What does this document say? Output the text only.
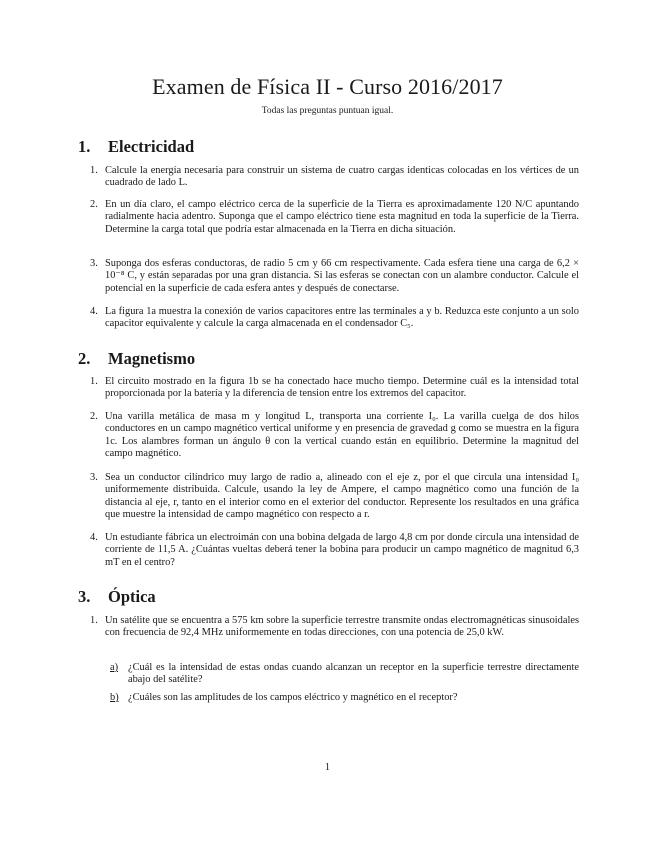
Examen de Física II - Curso 2016/2017
Todas las preguntas puntuan igual.
1. Electricidad
1. Calcule la energía necesaria para construir un sistema de cuatro cargas identicas colocadas en los vértices de un cuadrado de lado L.
2. En un día claro, el campo eléctrico cerca de la superficie de la Tierra es aproximadamente 120 N/C apuntando radialmente hacia adentro. Suponga que el campo eléctrico tiene esta magnitud en toda la superficie de la Tierra. Determine la carga total que podría estar almacenada en la Tierra en dicha situación.
3. Suponga dos esferas conductoras, de radio 5 cm y 66 cm respectivamente. Cada esfera tiene una carga de 6,2 × 10⁻⁸ C, y están separadas por una gran distancia. Si las esferas se conectan con un alambre conductor. Calcule el potencial en la superficie de cada esfera antes y después de conectarse.
4. La figura 1a muestra la conexión de varios capacitores entre las terminales a y b. Reduzca este conjunto a un solo capacitor equivalente y calcule la carga almacenada en el condensador C₅.
2. Magnetismo
1. El circuito mostrado en la figura 1b se ha conectado hace mucho tiempo. Determine cuál es la intensidad total proporcionada por la batería y la diferencia de tension entre los extremos del capacitor.
2. Una varilla metálica de masa m y longitud L, transporta una corriente I₀. La varilla cuelga de dos hilos conductores en un campo magnético vertical uniforme y en presencia de gravedad g como se muestra en la figura 1c. Los alambres forman un ángulo θ con la vertical cuando están en equilibrio. Determine la magnitud del campo magnético.
3. Sea un conductor cilíndrico muy largo de radio a, alineado con el eje z, por el que circula una intensidad I₀ uniformemente distribuida. Calcule, usando la ley de Ampere, el campo magnético como una función de la distancia al eje, r, tanto en el interior como en el exterior del conductor. Represente los resultados en una gráfica que muestre la intensidad de campo magnético con respecto a r.
4. Un estudiante fábrica un electroimán con una bobina delgada de largo 4,8 cm por donde circula una intensidad de corriente de 11,5 A. ¿Cuántas vueltas deberá tener la bobina para producir un campo magnético de magnitud 6,3 mT en el centro?
3. Óptica
1. Un satélite que se encuentra a 575 km sobre la superficie terrestre transmite ondas electromagnéticas sinusoidales con frecuencia de 92,4 MHz uniformemente en todas direcciones, con una potencia de 25,0 kW.
a) ¿Cuál es la intensidad de estas ondas cuando alcanzan un receptor en la superficie terrestre directamente abajo del satélite?
b) ¿Cuáles son las amplitudes de los campos eléctrico y magnético en el receptor?
1
